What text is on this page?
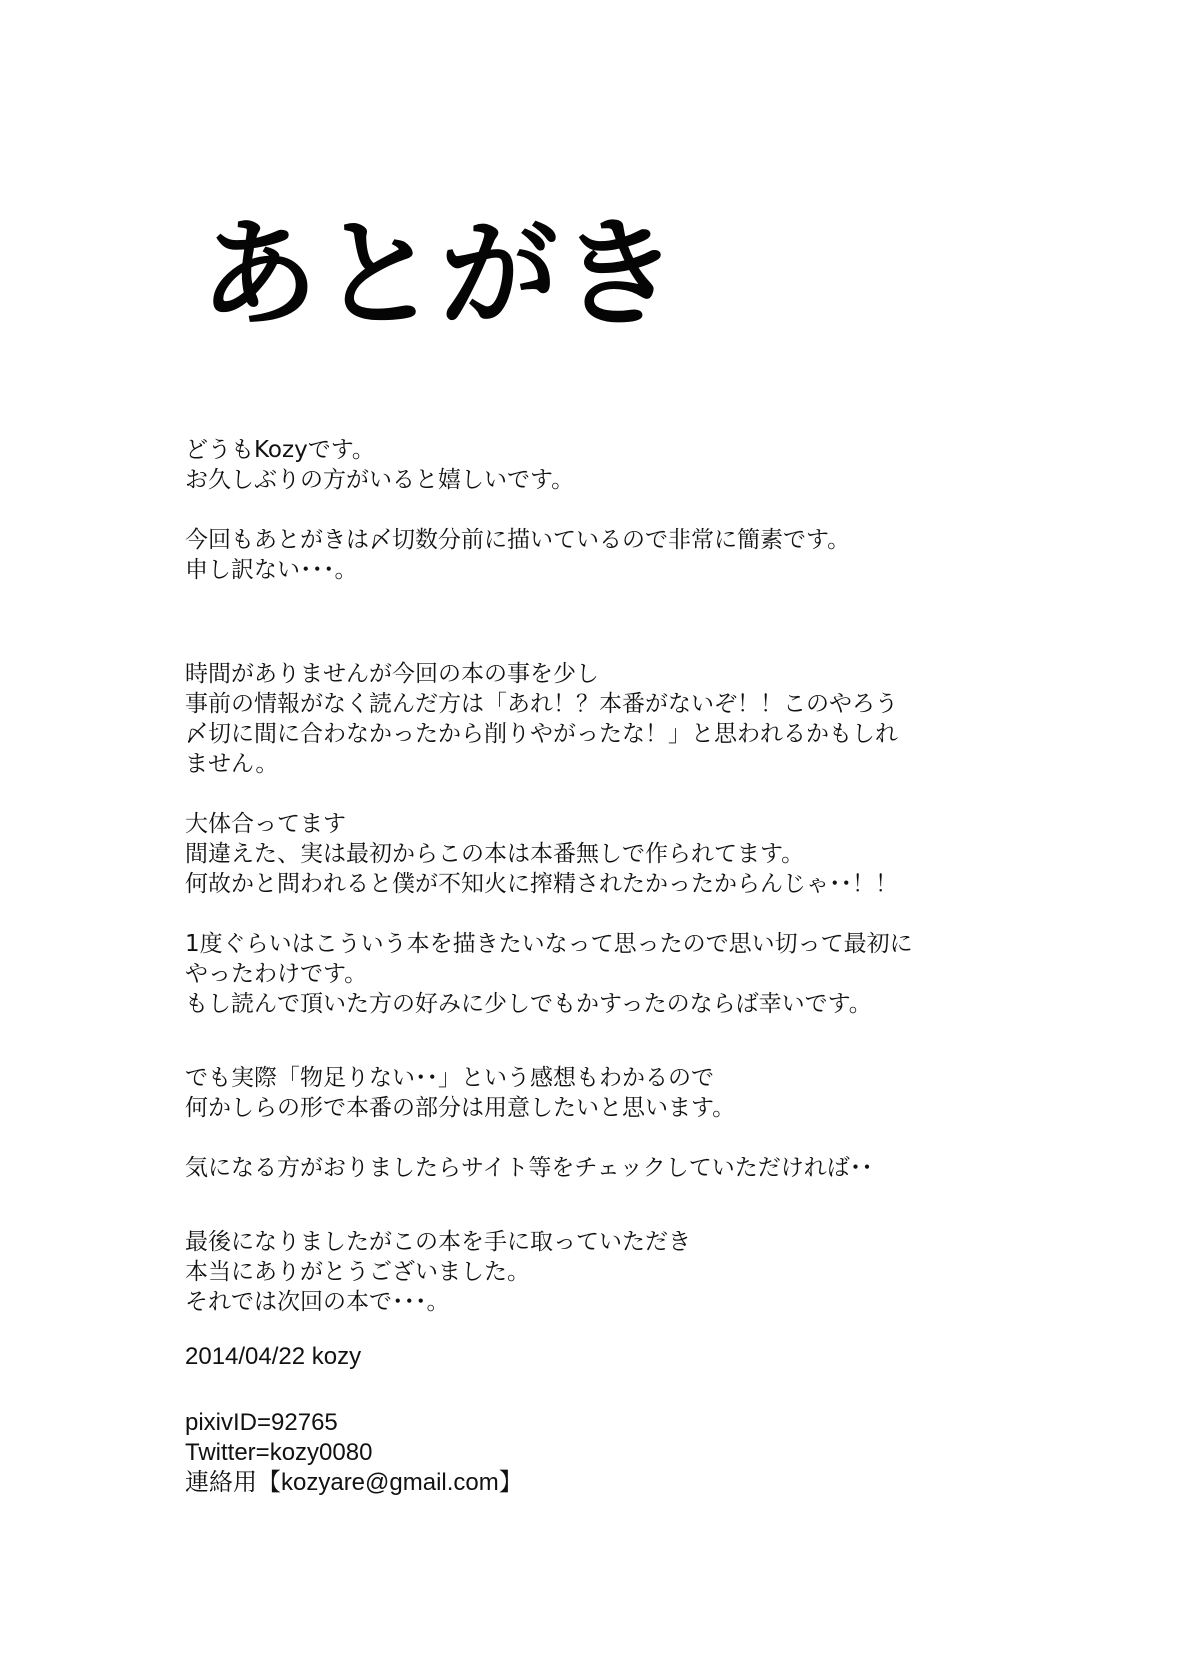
あとがき
どうもKozyです。
お久しぶりの方がいると嬉しいです。
今回もあとがきは〆切数分前に描いているので非常に簡素です。
申し訳ない･･･。
時間がありませんが今回の本の事を少し
事前の情報がなく読んだ方は「あれ！？本番がないぞ！！このやろう
〆切に間に合わなかったから削りやがったな！」と思われるかもしれ
ません。
大体合ってます
間違えた、実は最初からこの本は本番無しで作られてます。
何故かと問われると僕が不知火に搾精されたかったからんじゃ･･！！
1度ぐらいはこういう本を描きたいなって思ったので思い切って最初に
やったわけです。
もし読んで頂いた方の好みに少しでもかすったのならば幸いです。
でも実際「物足りない･･」という感想もわかるので
何かしらの形で本番の部分は用意したいと思います。
気になる方がおりましたらサイト等をチェックしていただければ･･
最後になりましたがこの本を手に取っていただき
本当にありがとうございました。
それでは次回の本で･･･。
2014/04/22 kozy
pixivID=92765
Twitter=kozy0080
連絡用【kozyare@gmail.com】
